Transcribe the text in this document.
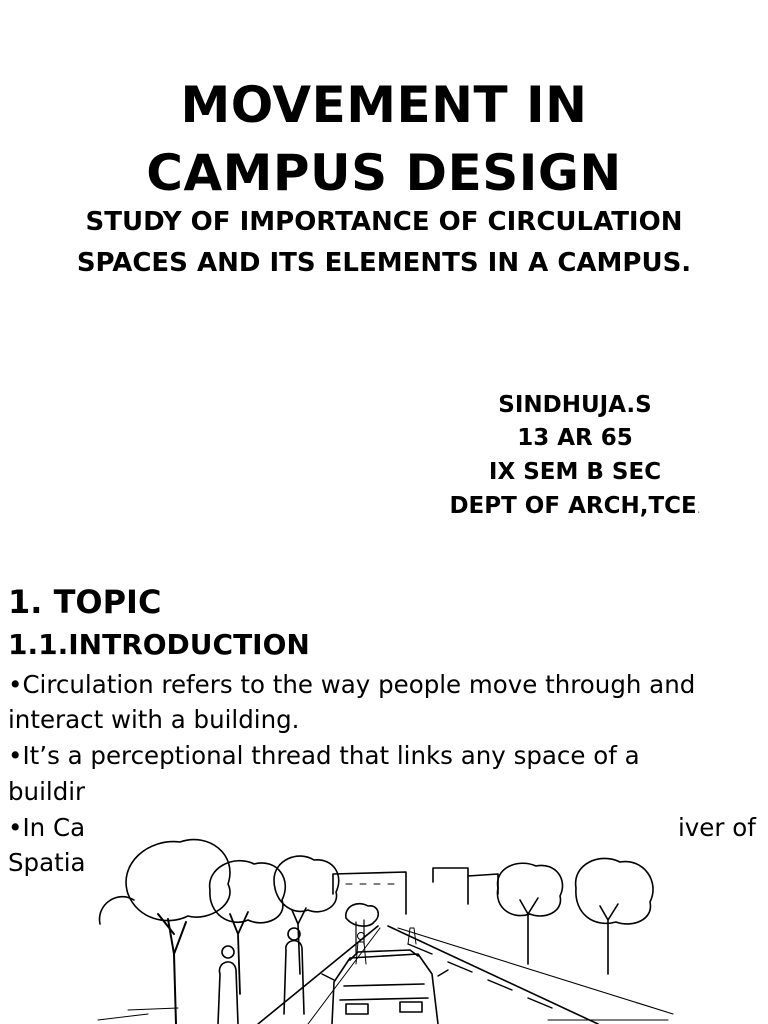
MOVEMENT IN
CAMPUS DESIGN

STUDY OF IMPORTANCE OF CIRCULATION

SPACES AND ITS ELEMENTS IN A CAMPUS.

SINDHUJA.S

13 AR 65

IX SEM B SEC

DEPT OF ARCH,TCE.

1. TOPIC

1.1.INTRODUCTION

•Circulation refers to the way people move through and

interact with a building.

•It’s a perceptional thread that links any space of a

buildir

•In Ca	iver of

Spatia
